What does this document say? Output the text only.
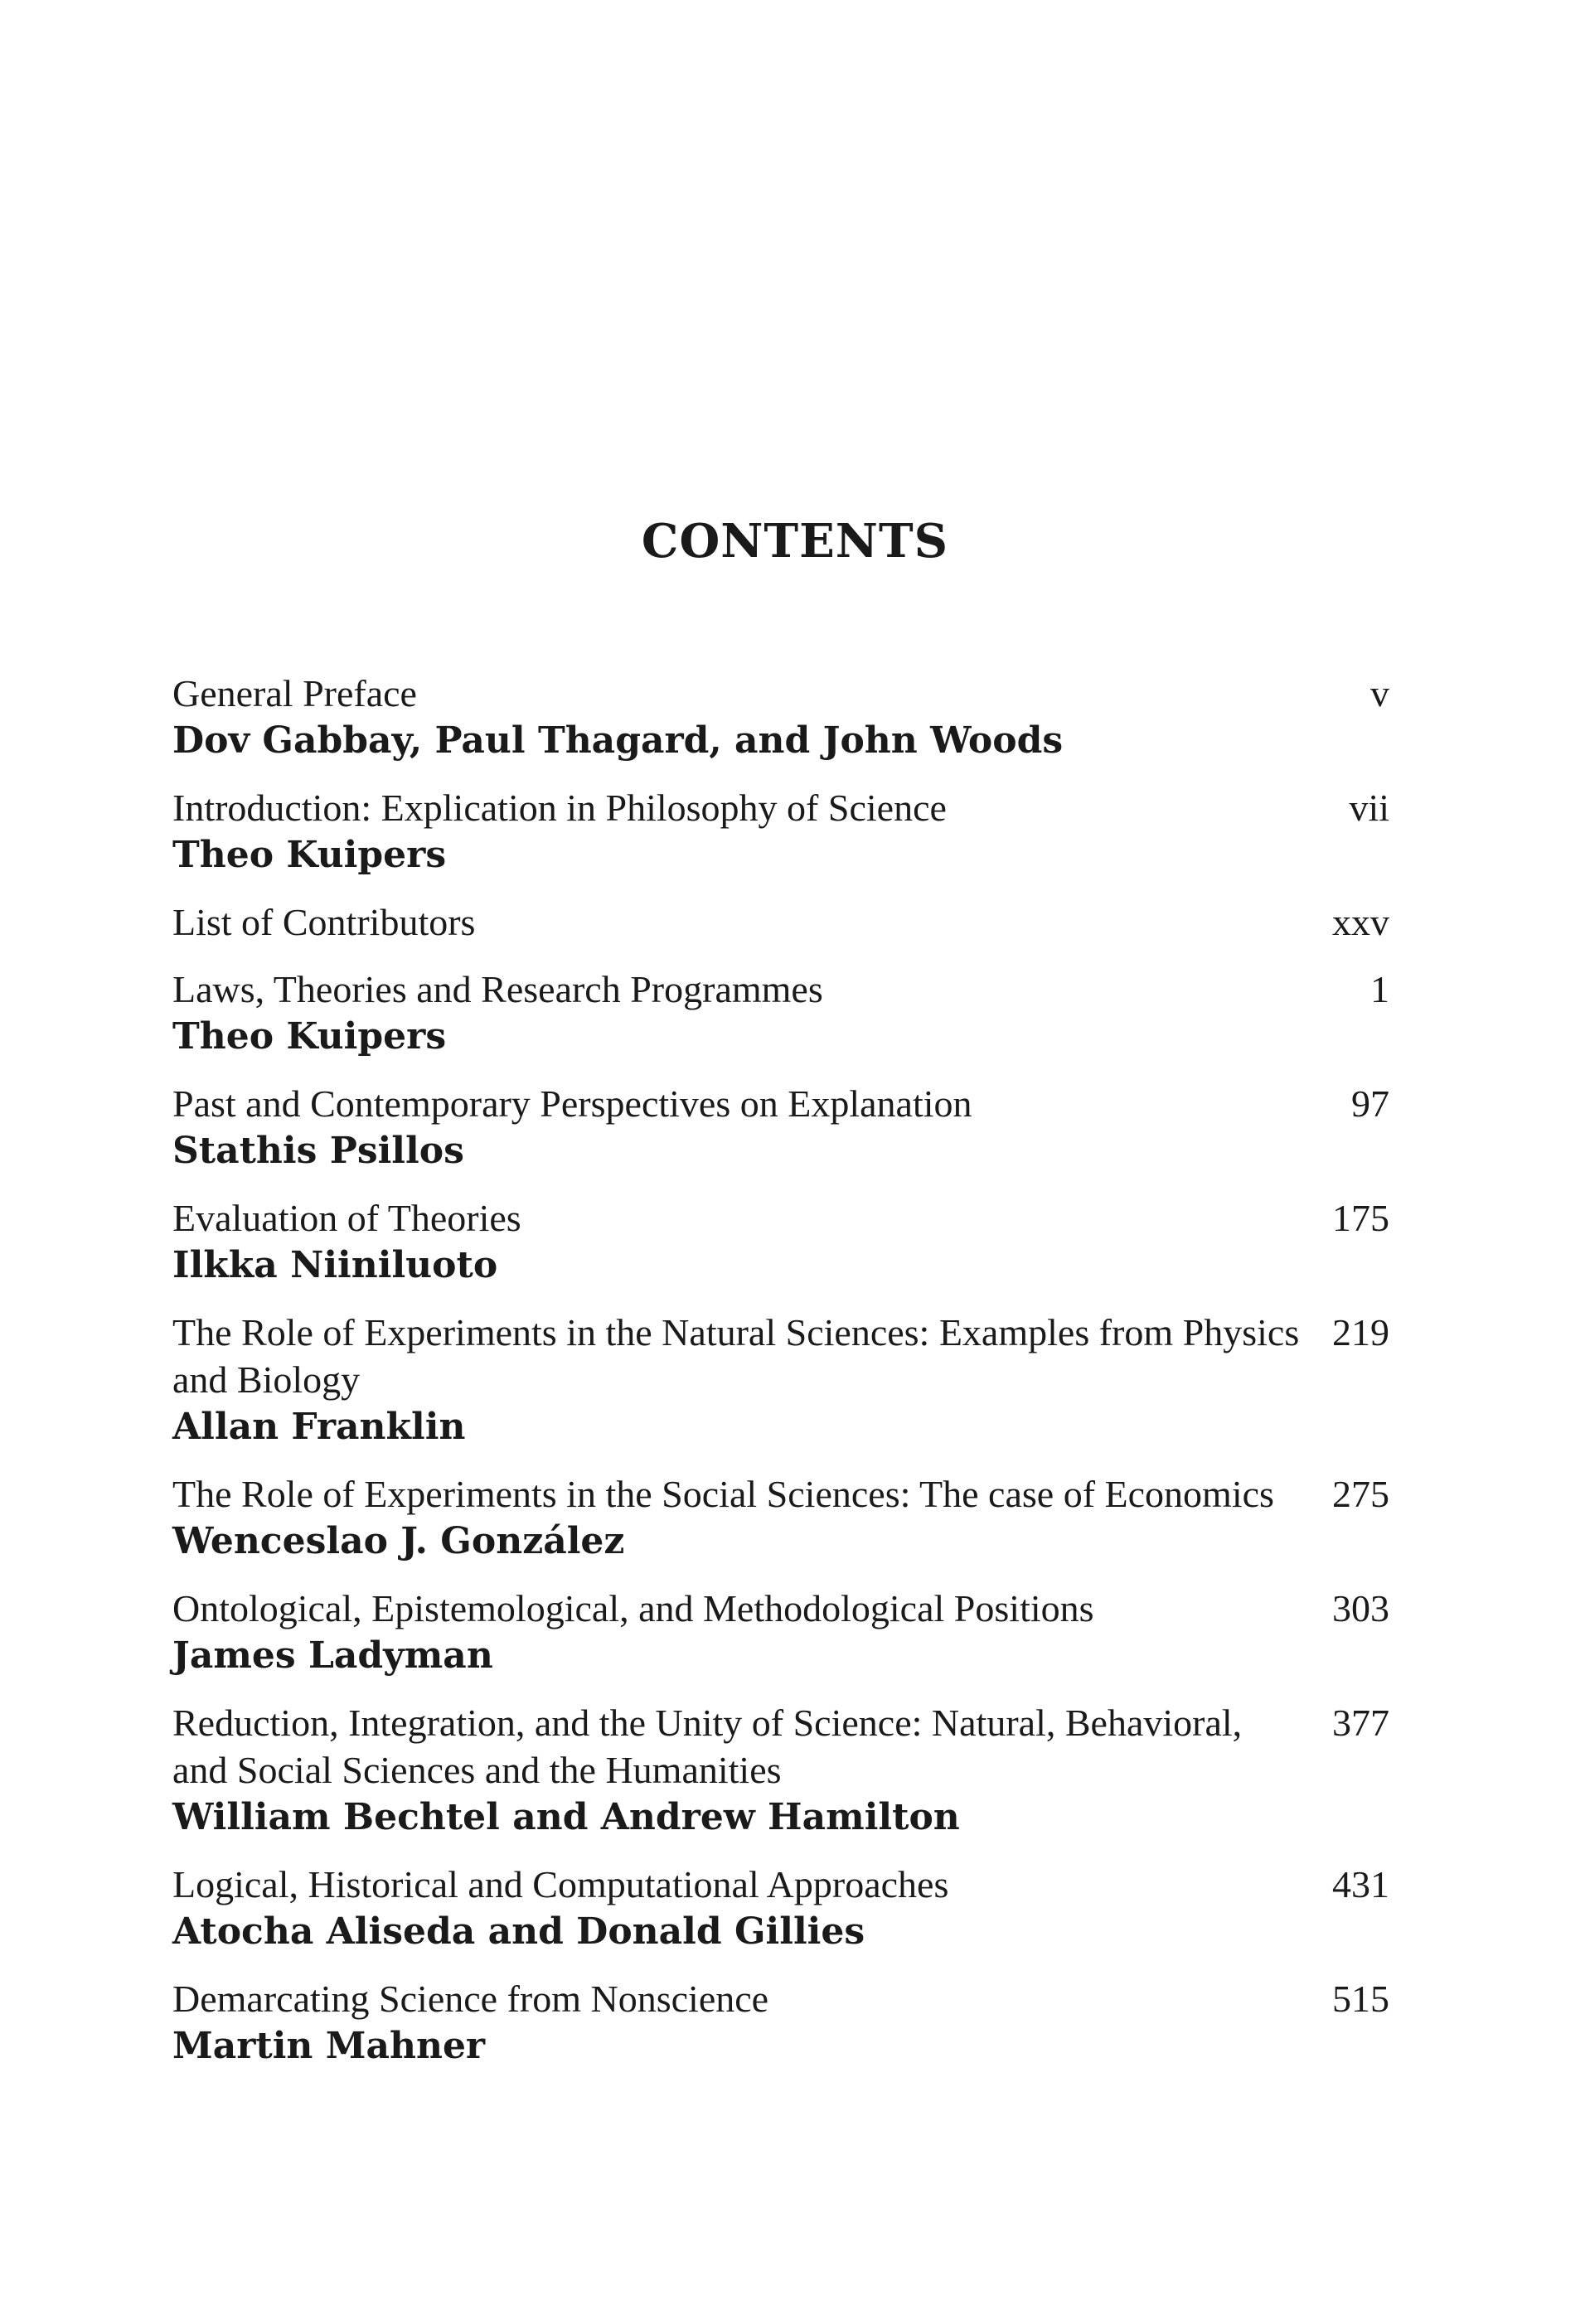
CONTENTS
General Preface
Dov Gabbay, Paul Thagard, and John Woods
v
Introduction: Explication in Philosophy of Science
Theo Kuipers
vii
List of Contributors	xxv
Laws, Theories and Research Programmes
Theo Kuipers
1
Past and Contemporary Perspectives on Explanation
Stathis Psillos
97
Evaluation of Theories
Ilkka Niiniluoto
175
The Role of Experiments in the Natural Sciences: Examples from Physics and Biology
Allan Franklin
219
The Role of Experiments in the Social Sciences: The case of Economics
Wenceslao J. González
275
Ontological, Epistemological, and Methodological Positions
James Ladyman
303
Reduction, Integration, and the Unity of Science: Natural, Behavioral, and Social Sciences and the Humanities
William Bechtel and Andrew Hamilton
377
Logical, Historical and Computational Approaches
Atocha Aliseda and Donald Gillies
431
Demarcating Science from Nonscience
Martin Mahner
515
